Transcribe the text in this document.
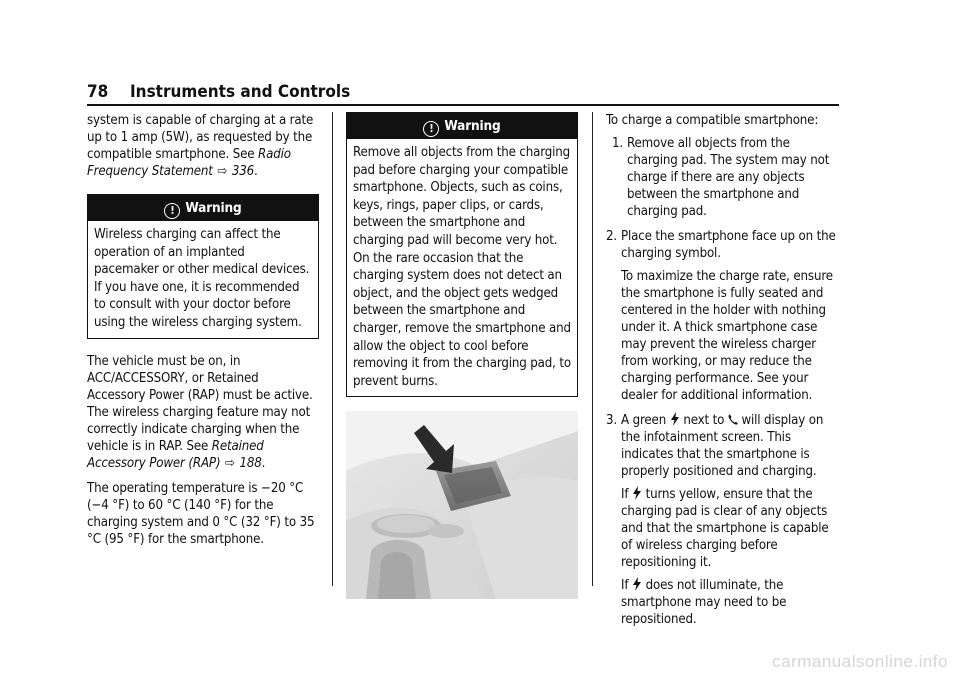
78 Instruments and Controls

system is capable of charging at a rate up to 1 amp (5W), as requested by the compatible smartphone. See Radio Frequency Statement ⇨ 336.

! Warning
Wireless charging can affect the operation of an implanted pacemaker or other medical devices. If you have one, it is recommended to consult with your doctor before using the wireless charging system.

The vehicle must be on, in ACC/ACCESSORY, or Retained Accessory Power (RAP) must be active. The wireless charging feature may not correctly indicate charging when the vehicle is in RAP. See Retained Accessory Power (RAP) ⇨ 188.

The operating temperature is −20 °C (−4 °F) to 60 °C (140 °F) for the charging system and 0 °C (32 °F) to 35 °C (95 °F) for the smartphone.

! Warning
Remove all objects from the charging pad before charging your compatible smartphone. Objects, such as coins, keys, rings, paper clips, or cards, between the smartphone and charging pad will become very hot. On the rare occasion that the charging system does not detect an object, and the object gets wedged between the smartphone and charger, remove the smartphone and allow the object to cool before removing it from the charging pad, to prevent burns.

To charge a compatible smartphone:

1. Remove all objects from the charging pad. The system may not charge if there are any objects between the smartphone and charging pad.
2. Place the smartphone face up on the charging symbol.

To maximize the charge rate, ensure the smartphone is fully seated and centered in the holder with nothing under it. A thick smartphone case may prevent the wireless charger from working, or may reduce the charging performance. See your dealer for additional information.

3. A green  next to  will display on the infotainment screen. This indicates that the smartphone is properly positioned and charging.

If  turns yellow, ensure that the charging pad is clear of any objects and that the smartphone is capable of wireless charging before repositioning it.

If  does not illuminate, the smartphone may need to be repositioned.

carmanualsonline.info
